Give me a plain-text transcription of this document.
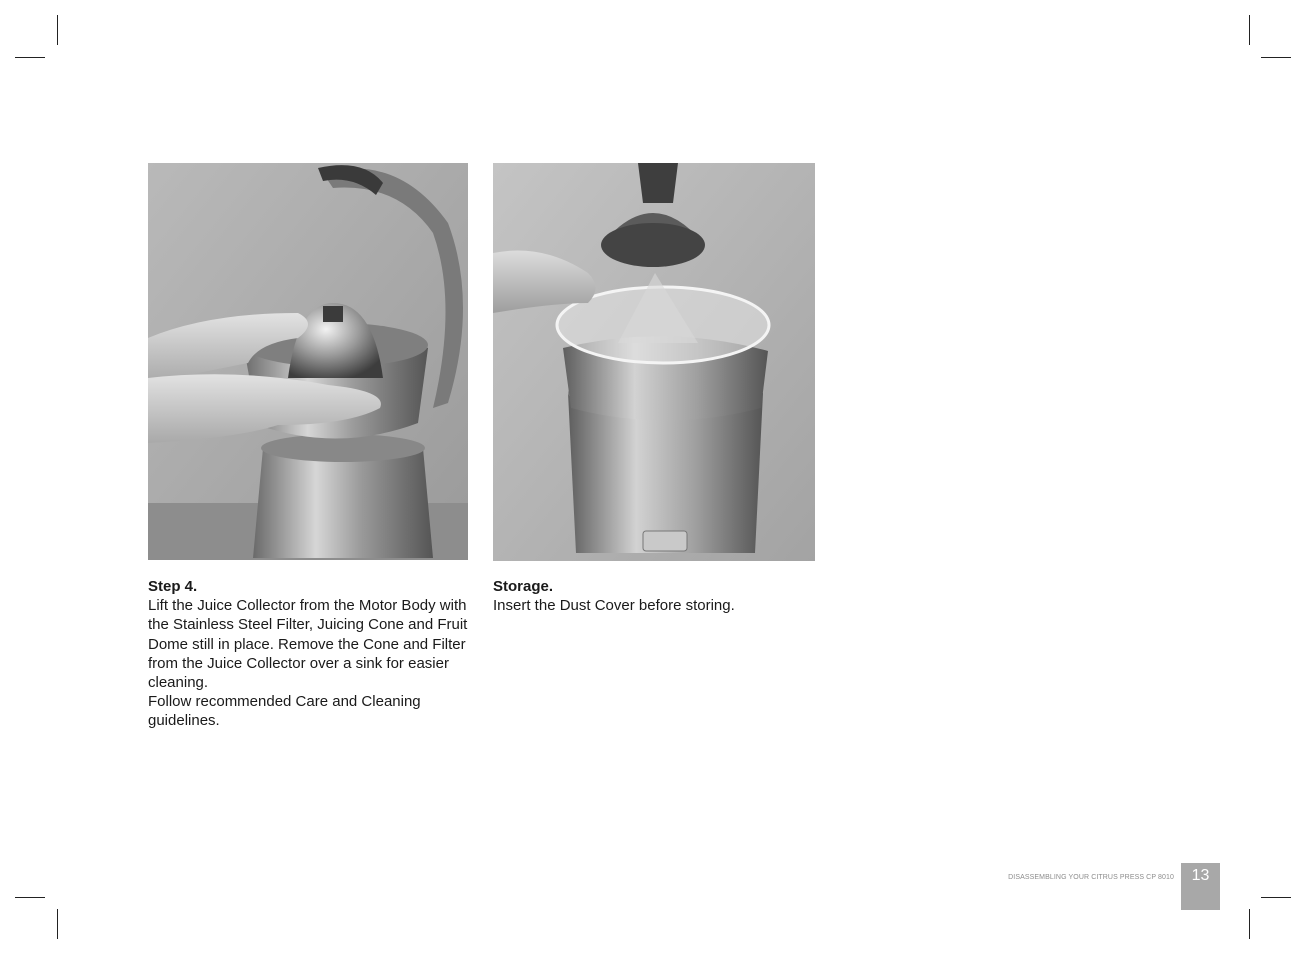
Step 4.
Lift the Juice Collector from the Motor Body with the Stainless Steel Filter, Juicing Cone and Fruit Dome still in place. Remove the Cone and Filter from the Juice Collector over a sink for easier cleaning.
Follow recommended Care and Cleaning guidelines.
Storage.
Insert the Dust Cover before storing.
DISASSEMBLING YOUR CITRUS PRESS CP 8010	13
